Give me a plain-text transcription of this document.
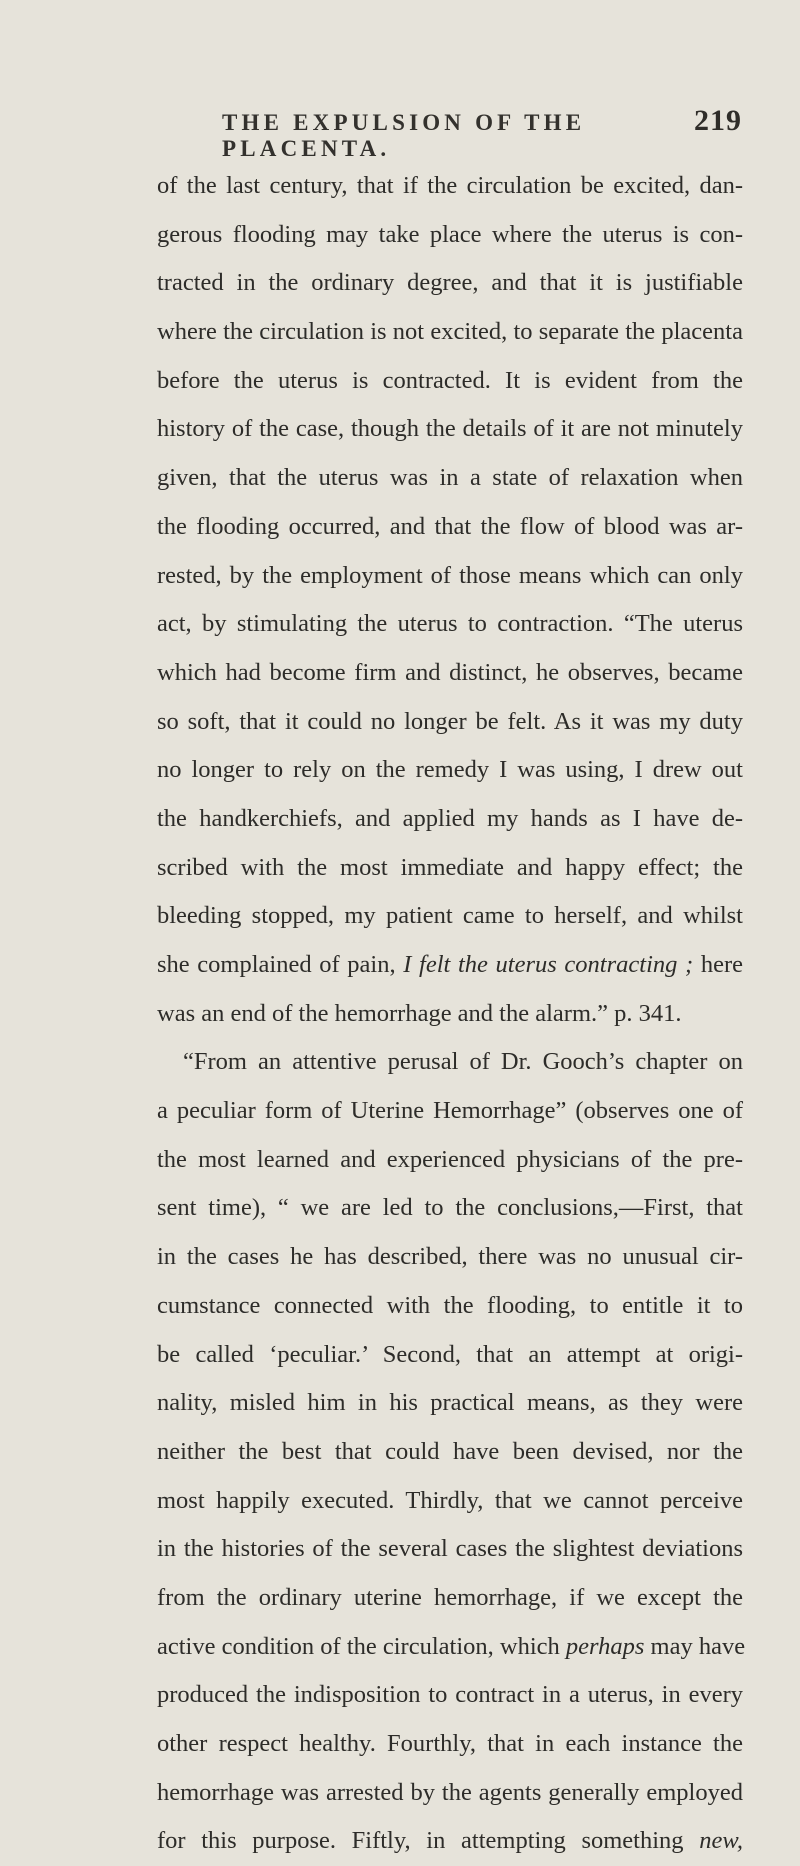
THE EXPULSION OF THE PLACENTA.
219
of the last century, that if the circulation be excited, dan-
gerous flooding may take place where the uterus is con-
tracted in the ordinary degree, and that it is justifiable
where the circulation is not excited, to separate the placenta
before the uterus is contracted. It is evident from the
history of the case, though the details of it are not minutely
given, that the uterus was in a state of relaxation when
the flooding occurred, and that the flow of blood was ar-
rested, by the employment of those means which can only
act, by stimulating the uterus to contraction. “The uterus
which had become firm and distinct, he observes, became
so soft, that it could no longer be felt. As it was my duty
no longer to rely on the remedy I was using, I drew out
the handkerchiefs, and applied my hands as I have de-
scribed with the most immediate and happy effect; the
bleeding stopped, my patient came to herself, and whilst
she complained of pain, I felt the uterus contracting ; here
was an end of the hemorrhage and the alarm.” p. 341.
“From an attentive perusal of Dr. Gooch’s chapter on
a peculiar form of Uterine Hemorrhage” (observes one of
the most learned and experienced physicians of the pre-
sent time), “ we are led to the conclusions,—First, that
in the cases he has described, there was no unusual cir-
cumstance connected with the flooding, to entitle it to
be called ‘peculiar.’ Second, that an attempt at origi-
nality, misled him in his practical means, as they were
neither the best that could have been devised, nor the
most happily executed. Thirdly, that we cannot perceive
in the histories of the several cases the slightest deviations
from the ordinary uterine hemorrhage, if we except the
active condition of the circulation, which perhaps may have
produced the indisposition to contract in a uterus, in every
other respect healthy. Fourthly, that in each instance the
hemorrhage was arrested by the agents generally employed
for this purpose. Fiftly, in attempting something new,
